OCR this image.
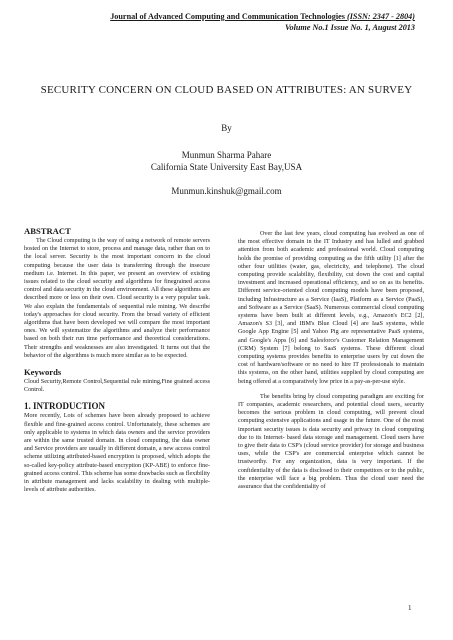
Journal of Advanced Computing and Communication Technologies (ISSN: 2347 - 2804)
Volume No.1 Issue No. 1, August 2013
SECURITY CONCERN ON CLOUD BASED ON ATTRIBUTES: AN SURVEY
By
Munmun Sharma Pahare
California State University East Bay,USA
Munmun.kinshuk@gmail.com
ABSTRACT

The Cloud computing is the way of using a network of remote servers hosted on the Internet to store, process and manage data, rather than on to the local server. Security is the most important concern in the cloud computing because the user data is transferring through the insecure medium i.e. Internet. In this paper, we present an overview of existing issues related to the cloud security and algorithms for finegrained access control and data security in the cloud environment. All these algorithms are described more or less on their own. Cloud security is a very popular task. We also explain the fundamentals of sequential rule mining. We describe today's approaches for cloud security. From the broad variety of efficient algorithms that have been developed we will compare the most important ones. We will systematize the algorithms and analyze their performance based on both their run time performance and theoretical considerations. Their strengths and weaknesses are also investigated. It turns out that the behavior of the algorithms is much more similar as to be expected.

Keywords

Cloud Security,Remote Control,Sequential rule mining,Fine grained access Control.

1. INTRODUCTION

More recently, Lots of schemes have been already proposed to achieve flexible and fine-grained access control. Unfortunately, these schemes are only applicable to systems in which data owners and the service providers are within the same trusted domain. In cloud computing, the data owner and Service providers are usually in different domain, a new access control scheme utilizing attributed-based encryption is proposed, which adopts the so-called key-policy attribute-based encryption (KP-ABE) to enforce fine-grained access control. This scheme has some drawbacks such as flexibility in attribute management and lacks scalability in dealing with multiple-levels of attribute authorities.

Over the last few years, cloud computing has evolved as one of the most effective domain in the IT Industry and has lulled and grabbed attention from both academic and professional world. Cloud computing holds the promise of providing computing as the fifth utility [1] after the other four utilities (water, gas, electricity, and telephone). The cloud computing provide scalability, flexibility, cut down the cost and capital investment and increased operational efficiency, and so on as its benefits. Different service-oriented cloud computing models have been proposed, including Infrastructure as a Service (IaaS), Platform as a Service (PaaS), and Software as a Service (SaaS). Numerous commercial cloud computing systems have been built at different levels, e.g., Amazon's EC2 [2], Amazon's S3 [3], and IBM's Blue Cloud [4] are IaaS systems, while Google App Engine [5] and Yahoo Pig are representative PaaS systems, and Google's Apps [6] and Salesforce's Customer Relation Management (CRM) System [7] belong to SaaS systems. These different cloud computing systems provides benefits to enterprise users by cut down the cost of hardware/software or no need to hire IT professionals to maintain this systems, on the other hand, utilities supplied by cloud computing are being offered at a comparatively low price in a pay-as-per-use style.

The benefits bring by cloud computing paradigm are exciting for IT companies, academic researchers, and potential cloud users, security becomes the serious problem in cloud computing, will prevent cloud computing extensive applications and usage in the future. One of the most important security issues is data security and privacy in cloud computing due to its Internet- based data storage and management. Cloud users have to give their data to CSP's (cloud service provider) for storage and business uses, while the CSP's are commercial enterprise which cannot be trustworthy. For any organization, data is very important. If the confidentiality of the data is disclosed to their competitors or to the public, the enterprise will face a big problem. Thus the cloud user need the assurance that the confidentiality of

1
